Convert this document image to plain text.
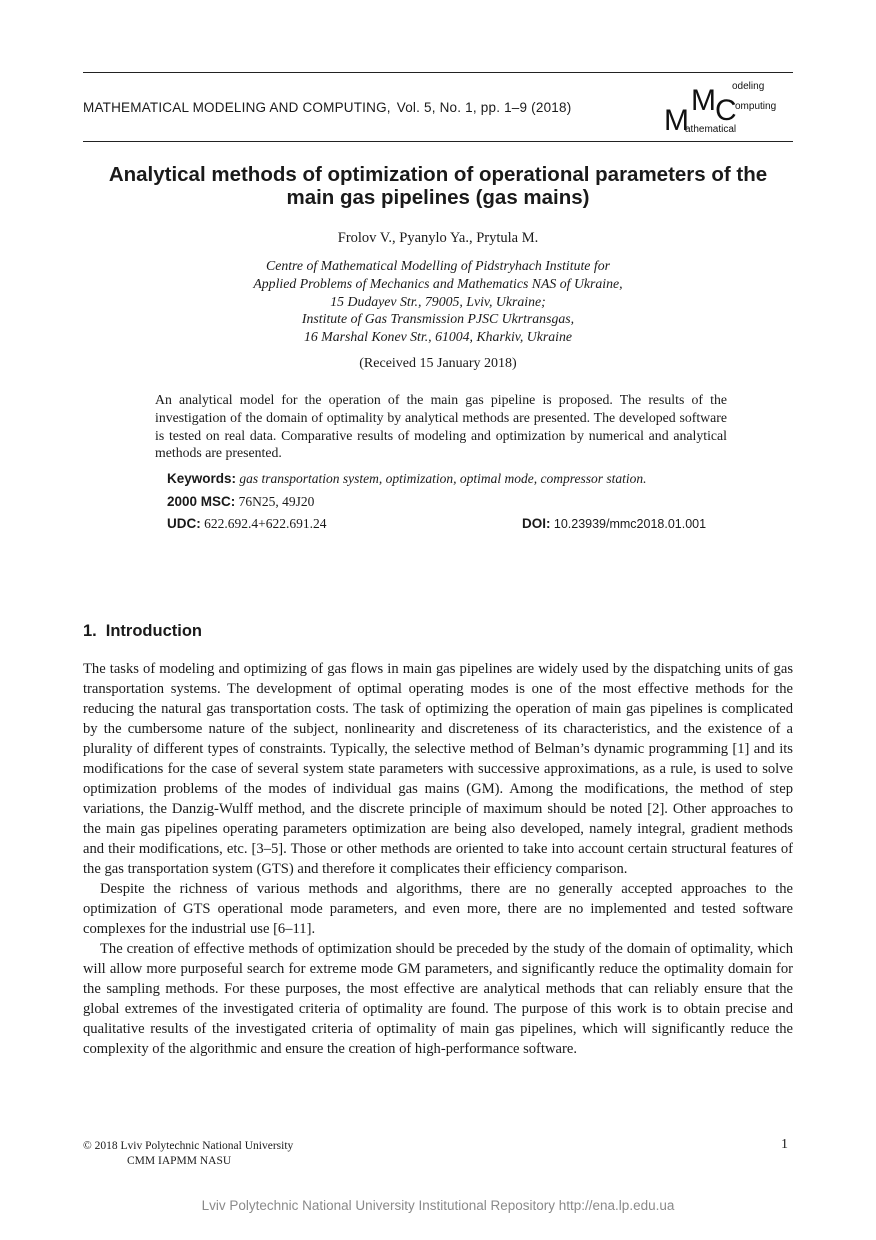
MATHEMATICAL MODELING AND COMPUTING, Vol. 5, No. 1, pp. 1–9 (2018)	M
M C
odeling
omputing
athematical
Analytical methods of optimization of operational parameters of the
main gas pipelines (gas mains)
Frolov V., Pyanylo Ya., Prytula M.
Centre of Mathematical Modelling of Pidstryhach Institute for
Applied Problems of Mechanics and Mathematics NAS of Ukraine,
15 Dudayev Str., 79005, Lviv, Ukraine;
Institute of Gas Transmission PJSC Ukrtransgas,
16 Marshal Konev Str., 61004, Kharkiv, Ukraine
(Received 15 January 2018)

An analytical model for the operation of the main gas pipeline is proposed. The results of the investigation of the domain of optimality by analytical methods are presented. The developed software is tested on real data. Comparative results of modeling and optimization by numerical and analytical methods are presented.

Keywords: gas transportation system, optimization, optimal mode, compressor station.
2000 MSC: 76N25, 49J20
UDC: 622.692.4+622.691.24	DOI: 10.23939/mmc2018.01.001
1. Introduction

The tasks of modeling and optimizing of gas flows in main gas pipelines are widely used by the dispatching units of gas transportation systems. The development of optimal operating modes is one of the most effective methods for the reducing the natural gas transportation costs. The task of optimizing the operation of main gas pipelines is complicated by the cumbersome nature of the subject, nonlinearity and discreteness of its characteristics, and the existence of a plurality of different types of constraints. Typically, the selective method of Belman’s dynamic programming [1] and its modifications for the case of several system state parameters with successive approximations, as a rule, is used to solve optimization problems of the modes of individual gas mains (GM). Among the modifications, the method of step variations, the Danzig-Wulff method, and the discrete principle of maximum should be noted [2]. Other approaches to the main gas pipelines operating parameters optimization are being also developed, namely integral, gradient methods and their modifications, etc. [3–5]. Those or other methods are oriented to take into account certain structural features of the gas transportation system (GTS) and therefore it complicates their efficiency comparison.

Despite the richness of various methods and algorithms, there are no generally accepted approaches to the optimization of GTS operational mode parameters, and even more, there are no implemented and tested software complexes for the industrial use [6–11].

The creation of effective methods of optimization should be preceded by the study of the domain of optimality, which will allow more purposeful search for extreme mode GM parameters, and significantly reduce the optimality domain for the sampling methods. For these purposes, the most effective are analytical methods that can reliably ensure that the global extremes of the investigated criteria of optimality are found. The purpose of this work is to obtain precise and qualitative results of the investigated criteria of optimality of main gas pipelines, which will significantly reduce the complexity of the algorithmic and ensure the creation of high-performance software.

© 2018 Lviv Polytechnic National University
CMM IAPMM NASU
1
Lviv Polytechnic National University Institutional Repository http://ena.lp.edu.ua
